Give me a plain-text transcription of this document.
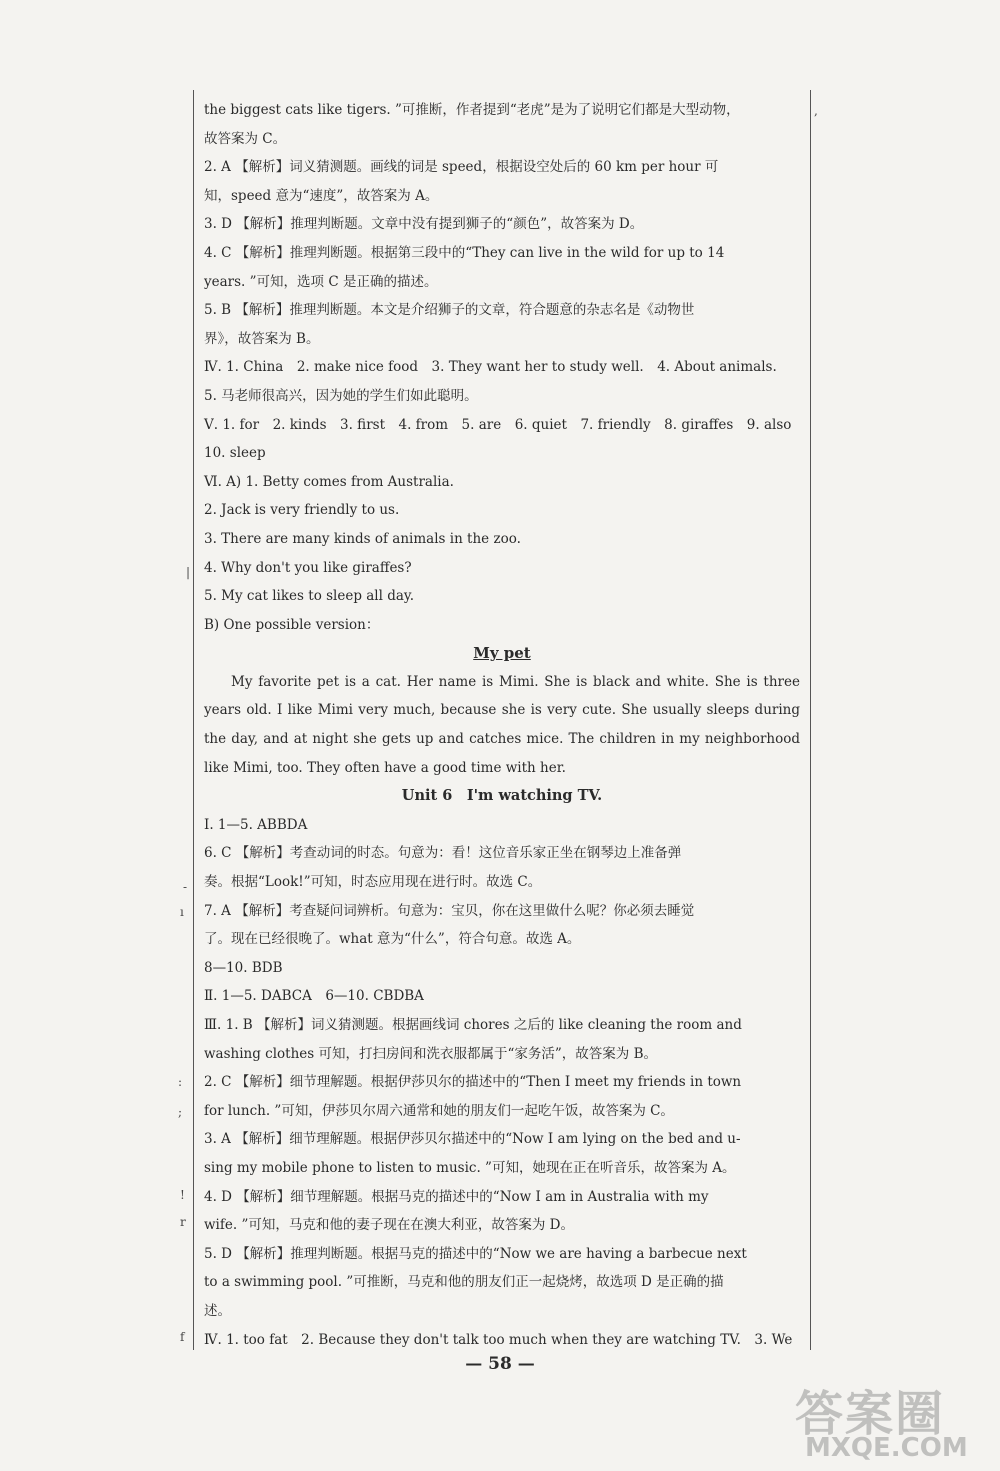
,
|
-
ı
:
;
!
r
f
the biggest cats like tigers. ”可推断，作者提到“老虎”是为了说明它们都是大型动物，
故答案为 C。
2. A 【解析】词义猜测题。画线的词是 speed，根据设空处后的 60 km per hour 可
知，speed 意为“速度”，故答案为 A。
3. D 【解析】推理判断题。文章中没有提到狮子的“颜色”，故答案为 D。
4. C 【解析】推理判断题。根据第三段中的“They can live in the wild for up to 14
years. ”可知，选项 C 是正确的描述。
5. B 【解析】推理判断题。本文是介绍狮子的文章，符合题意的杂志名是《动物世
界》，故答案为 B。
Ⅳ. 1. China　2. make nice food　3. They want her to study well.　4. About animals.
5. 马老师很高兴，因为她的学生们如此聪明。
Ⅴ. 1. for　2. kinds　3. first　4. from　5. are　6. quiet　7. friendly　8. giraffes　9. also
10. sleep
Ⅵ. A) 1. Betty comes from Australia.
2. Jack is very friendly to us.
3. There are many kinds of animals in the zoo.
4. Why don't you like giraffes?
5. My cat likes to sleep all day.
B) One possible version：
My pet
My favorite pet is a cat. Her name is Mimi. She is black and white. She is three years old. I like Mimi very much, because she is very cute. She usually sleeps during the day, and at night she gets up and catches mice. The children in my neighborhood like Mimi, too. They often have a good time with her.
Unit 6　I'm watching TV.
Ⅰ. 1—5. ABBDA
6. C 【解析】考查动词的时态。句意为：看！这位音乐家正坐在钢琴边上准备弹
奏。根据“Look!”可知，时态应用现在进行时。故选 C。
7. A 【解析】考查疑问词辨析。句意为：宝贝，你在这里做什么呢？你必须去睡觉
了。现在已经很晚了。what 意为“什么”，符合句意。故选 A。
8—10. BDB
Ⅱ. 1—5. DABCA　6—10. CBDBA
Ⅲ. 1. B 【解析】词义猜测题。根据画线词 chores 之后的 like cleaning the room and
washing clothes 可知，打扫房间和洗衣服都属于“家务活”，故答案为 B。
2. C 【解析】细节理解题。根据伊莎贝尔的描述中的“Then I meet my friends in town
for lunch. ”可知，伊莎贝尔周六通常和她的朋友们一起吃午饭，故答案为 C。
3. A 【解析】细节理解题。根据伊莎贝尔描述中的“Now I am lying on the bed and u-
sing my mobile phone to listen to music. ”可知，她现在正在听音乐，故答案为 A。
4. D 【解析】细节理解题。根据马克的描述中的“Now I am in Australia with my
wife. ”可知，马克和他的妻子现在在澳大利亚，故答案为 D。
5. D 【解析】推理判断题。根据马克的描述中的“Now we are having a barbecue next
to a swimming pool. ”可推断，马克和他的朋友们正一起烧烤，故选项 D 是正确的描
述。
Ⅳ. 1. too fat　2. Because they don't talk too much when they are watching TV.　3. We
— 58 —
答案圈
MXQE.COM
